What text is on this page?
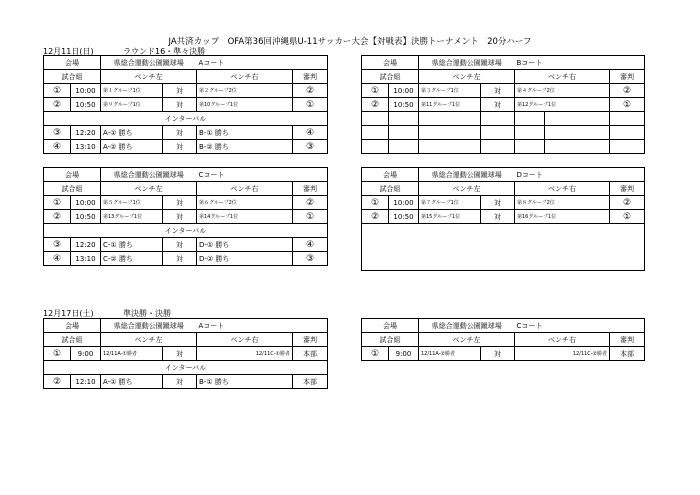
JA共済カップ　OFA第36回沖縄県U-11サッカー大会【対戦表】決勝トーナメント　20分ハーフ
12月11日(日)	ラウンド16・準々決勝
12月17日(土)	準決勝・決勝
会場		県総合運動公園蹴球場		Aコート	
試合組		ベンチ左		ベンチ右	審判
①	10:00	第１グループ1位	対	第２グループ2位	②
②	10:50	第９グループ1位	対	第10グループ1位	①
インターバル					
③	12:20	A-① 勝ち	対	B-① 勝ち	④
④	13:10	A-② 勝ち	対	B-② 勝ち	③
会場		県総合運動公園蹴球場		Bコート		
試合組		ベンチ左		ベンチ右		審判
①	10:00	第３グループ1位	対	第４グループ2位		②
②	10:50	第11グループ1位	対	第12グループ1位		①

会場		県総合運動公園蹴球場		Cコート	
試合組		ベンチ左		ベンチ右	審判
①	10:00	第５グループ1位	対	第６グループ2位	②
②	10:50	第13グループ1位	対	第14グループ1位	①
インターバル					
③	12:20	C-① 勝ち	対	D-① 勝ち	④
④	13:10	C-② 勝ち	対	D-② 勝ち	③
会場		県総合運動公園蹴球場		Dコート	
試合組		ベンチ左		ベンチ右	審判
①	10:00	第７グループ1位	対	第８グループ2位	②
②	10:50	第15グループ1位	対	第16グループ1位	①

会場		県総合運動公園蹴球場		Aコート	
試合組		ベンチ左		ベンチ右	審判
①	9:00	12/11A-①勝者	対	12/11C-①勝者	本部
インターバル					
②	12:10	A-① 勝ち	対	B-① 勝ち	本部
会場		県総合運動公園蹴球場		Cコート	
試合組		ベンチ左		ベンチ右	審判
①	9:00	12/11A-②勝者	対	12/11C-②勝者	本部
